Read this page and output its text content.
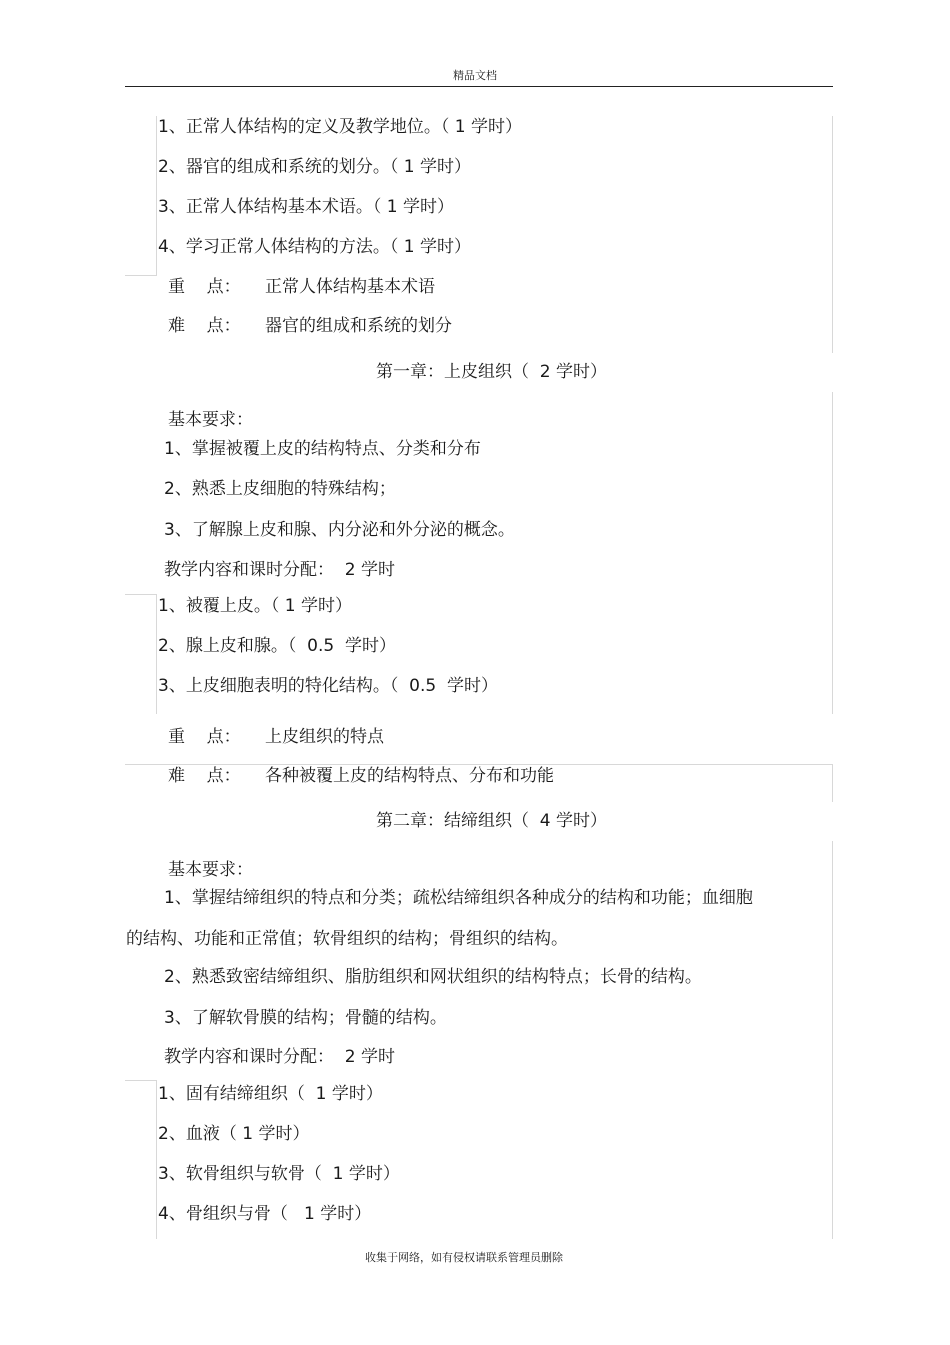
精品文档
1、正常人体结构的定义及教学地位。（ 1 学时）
2、器官的组成和系统的划分。（ 1 学时）
3、正常人体结构基本术语。（ 1 学时）
4、学习正常人体结构的方法。（ 1 学时）
重    点： 正常人体结构基本术语
难    点： 器官的组成和系统的划分
第一章：上皮组织（  2 学时）
基本要求：
1、掌握被覆上皮的结构特点、分类和分布
2、熟悉上皮细胞的特殊结构；
3、了解腺上皮和腺、内分泌和外分泌的概念。
教学内容和课时分配：  2 学时
1、被覆上皮。（ 1 学时）
2、腺上皮和腺。（  0.5  学时）
3、上皮细胞表明的特化结构。（  0.5  学时）
重    点： 上皮组织的特点
难    点： 各种被覆上皮的结构特点、分布和功能
第二章：结缔组织（  4 学时）
基本要求：
1、掌握结缔组织的特点和分类；疏松结缔组织各种成分的结构和功能；血细胞
的结构、功能和正常值；软骨组织的结构；骨组织的结构。
2、熟悉致密结缔组织、脂肪组织和网状组织的结构特点；长骨的结构。
3、了解软骨膜的结构；骨髓的结构。
教学内容和课时分配：  2 学时
1、固有结缔组织（  1 学时）
2、血液（ 1 学时）
3、软骨组织与软骨（  1 学时）
4、骨组织与骨（   1 学时）
收集于网络，如有侵权请联系管理员删除
